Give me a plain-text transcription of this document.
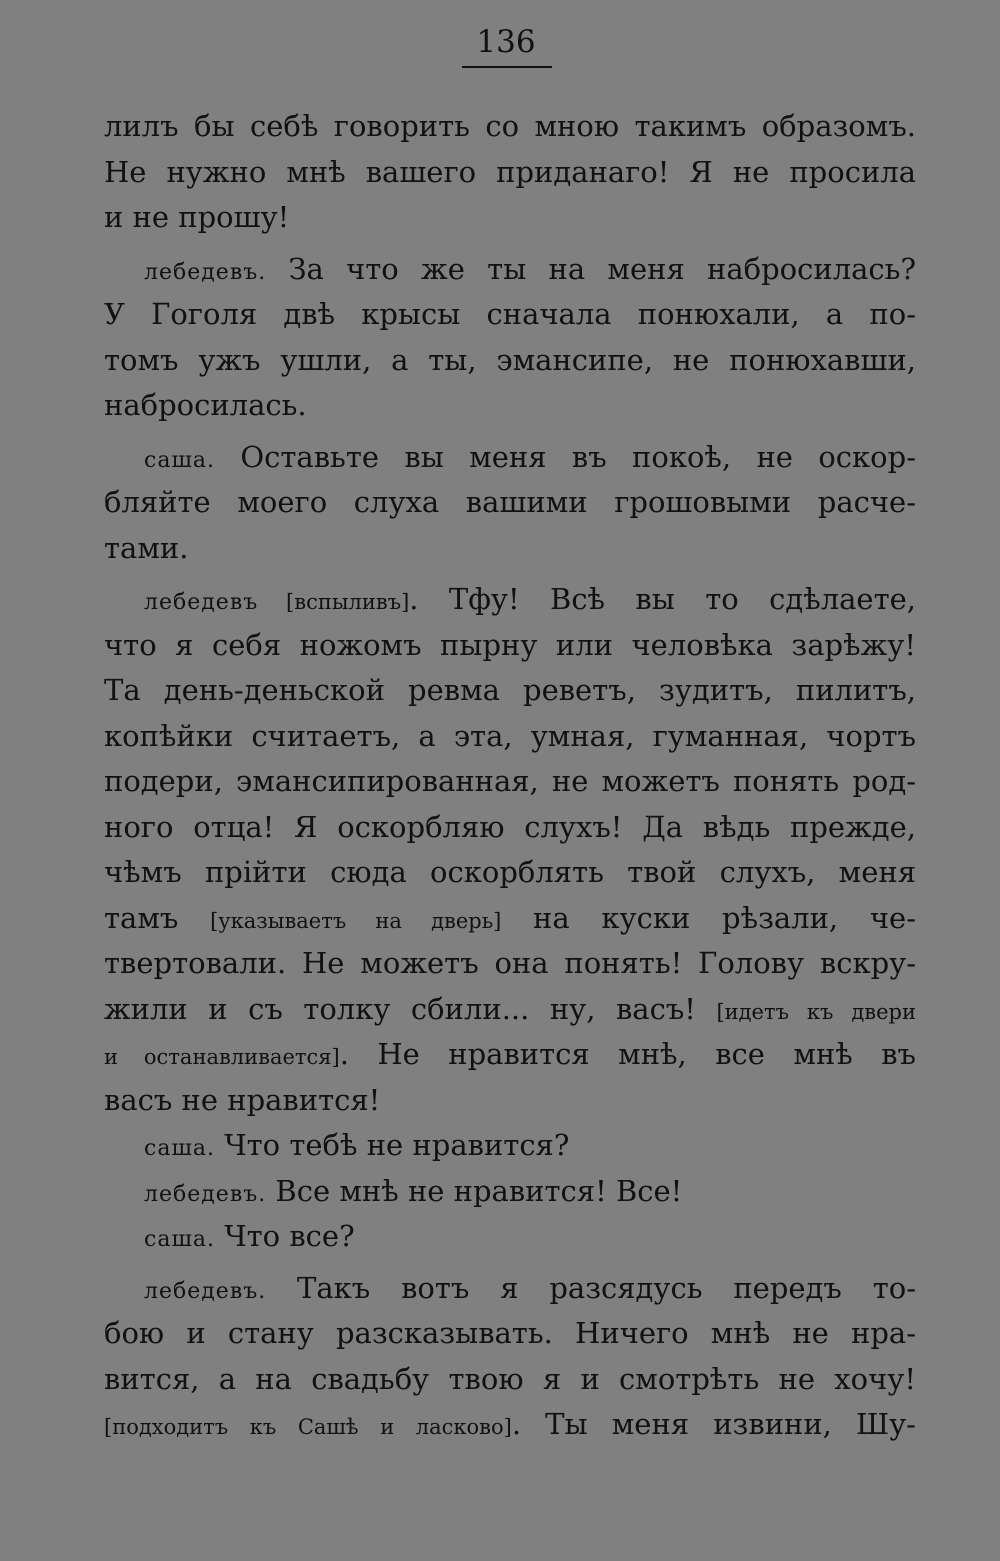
136
лилъ бы себѣ говорить со мною такимъ образомъ.
Не нужно мнѣ вашего приданаго! Я не просила
и не прошу!
лебедевъ. За что же ты на меня набросилась?
У Гоголя двѣ крысы сначала понюхали, а по-
томъ ужъ ушли, а ты, эмансипе, не понюхавши,
набросилась.
саша. Оставьте вы меня въ покоѣ, не оскор-
бляйте моего слуха вашими грошовыми расче-
тами.
лебедевъ [вспыливъ]. Тфу! Всѣ вы то сдѣлаете,
что я себя ножомъ пырну или человѣка зарѣжу!
Та день-деньской ревма реветъ, зудитъ, пилитъ,
копѣйки считаетъ, а эта, умная, гуманная, чортъ
подери, эмансипированная, не можетъ понять род-
ного отца! Я оскорбляю слухъ! Да вѣдь прежде,
чѣмъ прійти сюда оскорблять твой слухъ, меня
тамъ [указываетъ на дверь] на куски рѣзали, че-
твертовали. Не можетъ она понять! Голову вскру-
жили и съ толку сбили... ну, васъ! [идетъ къ двери
и останавливается]. Не нравится мнѣ, все мнѣ въ
васъ не нравится!
саша. Что тебѣ не нравится?
лебедевъ. Все мнѣ не нравится! Все!
саша. Что все?
лебедевъ. Такъ вотъ я разсядусь передъ то-
бою и стану разсказывать. Ничего мнѣ не нра-
вится, а на свадьбу твою я и смотрѣть не хочу!
[подходитъ къ Сашѣ и ласково]. Ты меня извини, Шу-
